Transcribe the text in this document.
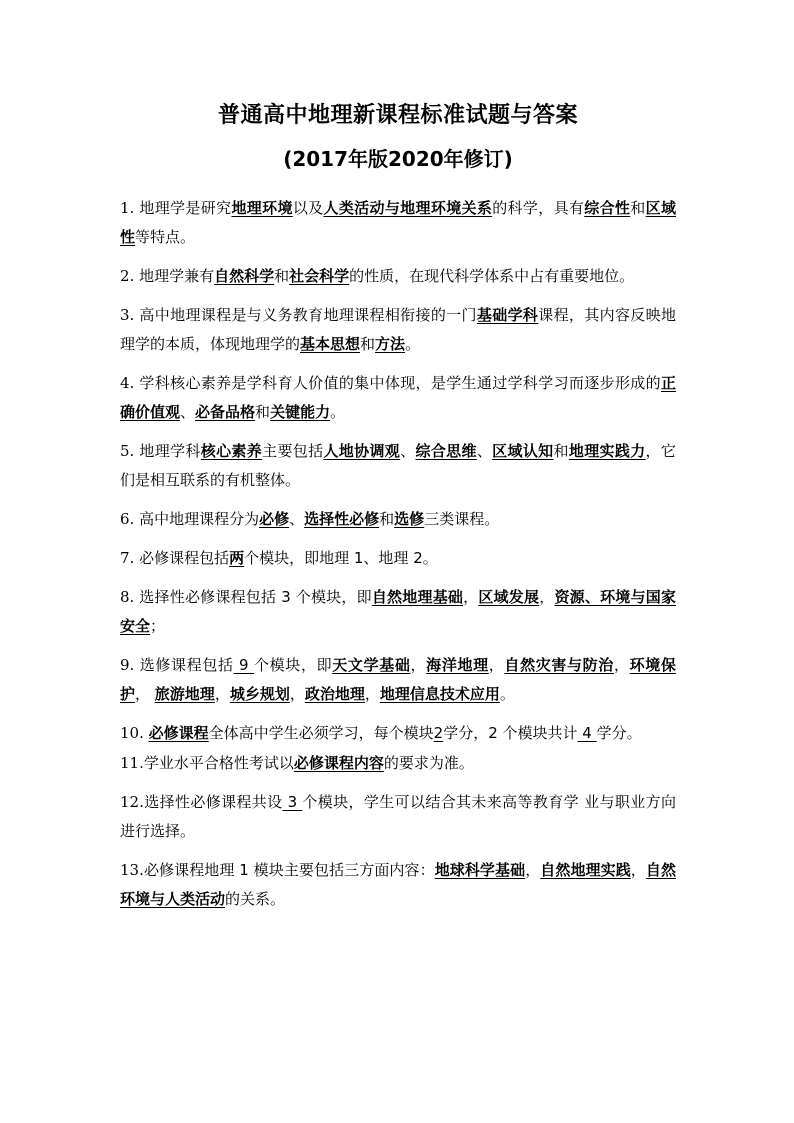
普通高中地理新课程标准试题与答案
(2017年版2020年修订)

1. 地理学是研究地理环境以及人类活动与地理环境关系的科学，具有综合性和区域性等特点。

2. 地理学兼有自然科学和社会科学的性质，在现代科学体系中占有重要地位。

3. 高中地理课程是与义务教育地理课程相衔接的一门基础学科课程，其内容反映地理学的本质，体现地理学的基本思想和方法。

4. 学科核心素养是学科育人价值的集中体现，是学生通过学科学习而逐步形成的正确价值观、必备品格和关键能力。

5. 地理学科核心素养主要包括人地协调观、综合思维、区域认知和地理实践力，它们是相互联系的有机整体。

6. 高中地理课程分为必修、选择性必修和选修三类课程。

7. 必修课程包括两个模块，即地理 1、地理 2。

8. 选择性必修课程包括 3 个模块，即自然地理基础，区域发展，资源、环境与国家安全；

9. 选修课程包括 9 个模块，即天文学基础，海洋地理，自然灾害与防治，环境保护， 旅游地理，城乡规划，政治地理，地理信息技术应用。

10. 必修课程全体高中学生必须学习，每个模块2学分，2 个模块共计 4 学分。

11.学业水平合格性考试以必修课程内容的要求为准。

12.选择性必修课程共设 3 个模块，学生可以结合其未来高等教育学 业与职业方向进行选择。

13.必修课程地理 1 模块主要包括三方面内容：地球科学基础，自然地理实践，自然环境与人类活动的关系。
